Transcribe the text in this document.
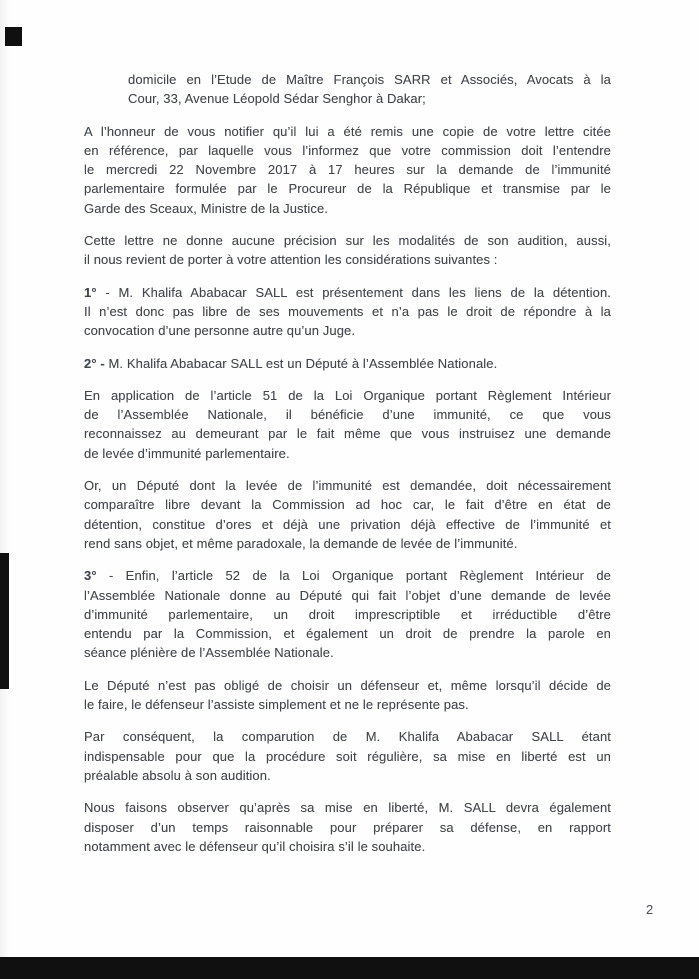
domicile en l’Etude de Maître François SARR et Associés, Avocats à la
Cour, 33, Avenue Léopold Sédar Senghor à Dakar;
A l’honneur de vous notifier qu’il lui a été remis une copie de votre lettre citée
en référence, par laquelle vous l’informez que votre commission doit l’entendre
le mercredi 22 Novembre 2017 à 17 heures sur la demande de l’immunité
parlementaire formulée par le Procureur de la République et transmise par le
Garde des Sceaux, Ministre de la Justice.
Cette lettre ne donne aucune précision sur les modalités de son audition, aussi,
il nous revient de porter à votre attention les considérations suivantes :
1° - M. Khalifa Ababacar SALL est présentement dans les liens de la détention.
Il n’est donc pas libre de ses mouvements et n’a pas le droit de répondre à la
convocation d’une personne autre qu’un Juge.
2° - M. Khalifa Ababacar SALL est un Député à l’Assemblée Nationale.
En application de l’article 51 de la Loi Organique portant Règlement Intérieur
de l’Assemblée Nationale, il bénéficie d’une immunité, ce que vous
reconnaissez au demeurant par le fait même que vous instruisez une demande
de levée d’immunité parlementaire.
Or, un Député dont la levée de l’immunité est demandée, doit nécessairement
comparaître libre devant la Commission ad hoc car, le fait d’être en état de
détention, constitue d’ores et déjà une privation déjà effective de l’immunité et
rend sans objet, et même paradoxale, la demande de levée de l’immunité.
3° - Enfin, l’article 52 de la Loi Organique portant Règlement Intérieur de
l’Assemblée Nationale donne au Député qui fait l’objet d’une demande de levée
d’immunité parlementaire, un droit imprescriptible et irréductible d’être
entendu par la Commission, et également un droit de prendre la parole en
séance plénière de l’Assemblée Nationale.
Le Député n’est pas obligé de choisir un défenseur et, même lorsqu’il décide de
le faire, le défenseur l’assiste simplement et ne le représente pas.
Par conséquent, la comparution de M. Khalifa Ababacar SALL étant
indispensable pour que la procédure soit régulière, sa mise en liberté est un
préalable absolu à son audition.
Nous faisons observer qu’après sa mise en liberté, M. SALL devra également
disposer d’un temps raisonnable pour préparer sa défense, en rapport
notamment avec le défenseur qu’il choisira s’il le souhaite.
2
